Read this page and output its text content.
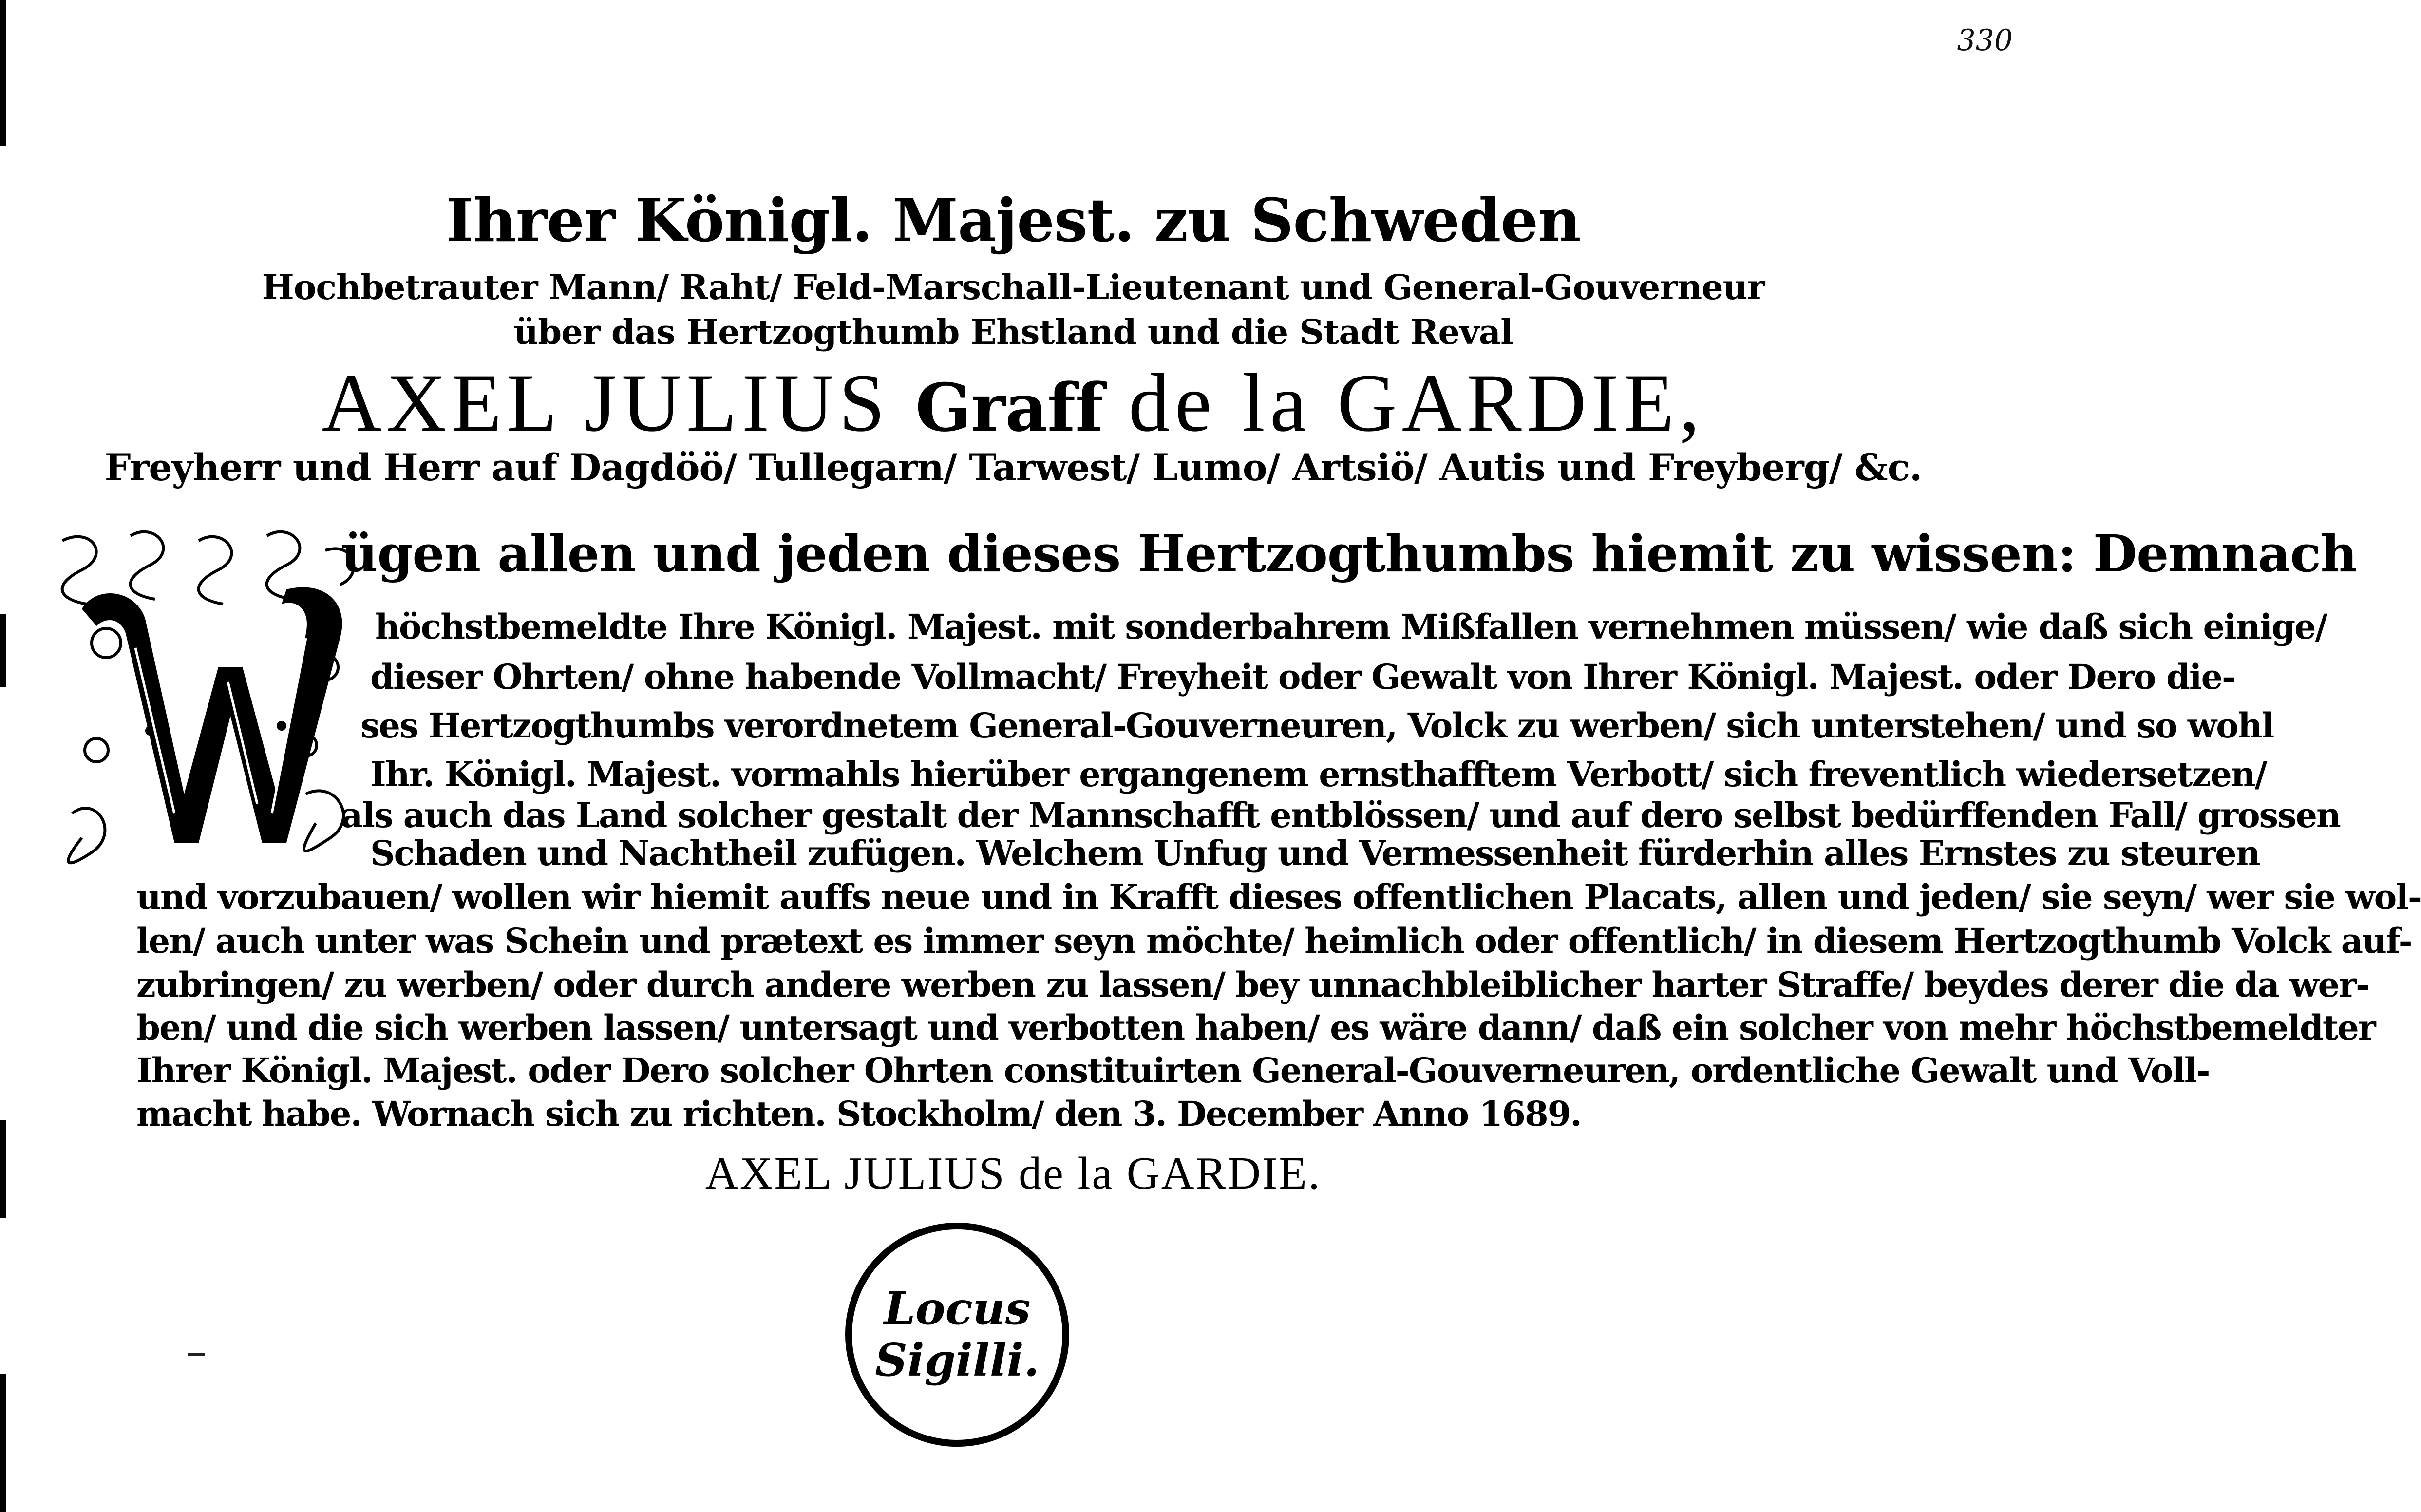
330
Ihrer Königl. Majest. zu Schweden
Hochbetrauter Mann/ Raht/ Feld-Marschall-Lieutenant und General-Gouverneur
über das Hertzogthumb Ehstland und die Stadt Reval
AXEL JULIUS Graff de la GARDIE,
Freyherr und Herr auf Dagdöö/ Tullegarn/ Tarwest/ Lumo/ Artsiö/ Autis und Freyberg/ &c.
ügen allen und jeden dieses Hertzogthumbs hiemit zu wissen: Demnach
höchstbemeldte Ihre Königl. Majest. mit sonderbahrem Mißfallen vernehmen müssen/ wie daß sich einige/
dieser Ohrten/ ohne habende Vollmacht/ Freyheit oder Gewalt von Ihrer Königl. Majest. oder Dero die-
ses Hertzogthumbs verordnetem General-Gouverneuren, Volck zu werben/ sich unterstehen/ und so wohl
Ihr. Königl. Majest. vormahls hierüber ergangenem ernsthafftem Verbott/ sich freventlich wiedersetzen/
als auch das Land solcher gestalt der Mannschafft entblössen/ und auf dero selbst bedürffenden Fall/ grossen
Schaden und Nachtheil zufügen. Welchem Unfug und Vermessenheit fürderhin alles Ernstes zu steuren
und vorzubauen/ wollen wir hiemit auffs neue und in Krafft dieses offentlichen Placats, allen und jeden/ sie seyn/ wer sie wol-
len/ auch unter was Schein und prætext es immer seyn möchte/ heimlich oder offentlich/ in diesem Hertzogthumb Volck auf-
zubringen/ zu werben/ oder durch andere werben zu lassen/ bey unnachbleiblicher harter Straffe/ beydes derer die da wer-
ben/ und die sich werben lassen/ untersagt und verbotten haben/ es wäre dann/ daß ein solcher von mehr höchstbemeldter
Ihrer Königl. Majest. oder Dero solcher Ohrten constituirten General-Gouverneuren, ordentliche Gewalt und Voll-
macht habe. Wornach sich zu richten. Stockholm/ den 3. December Anno 1689.
AXEL JULIUS de la GARDIE.
Locus
Sigilli.
